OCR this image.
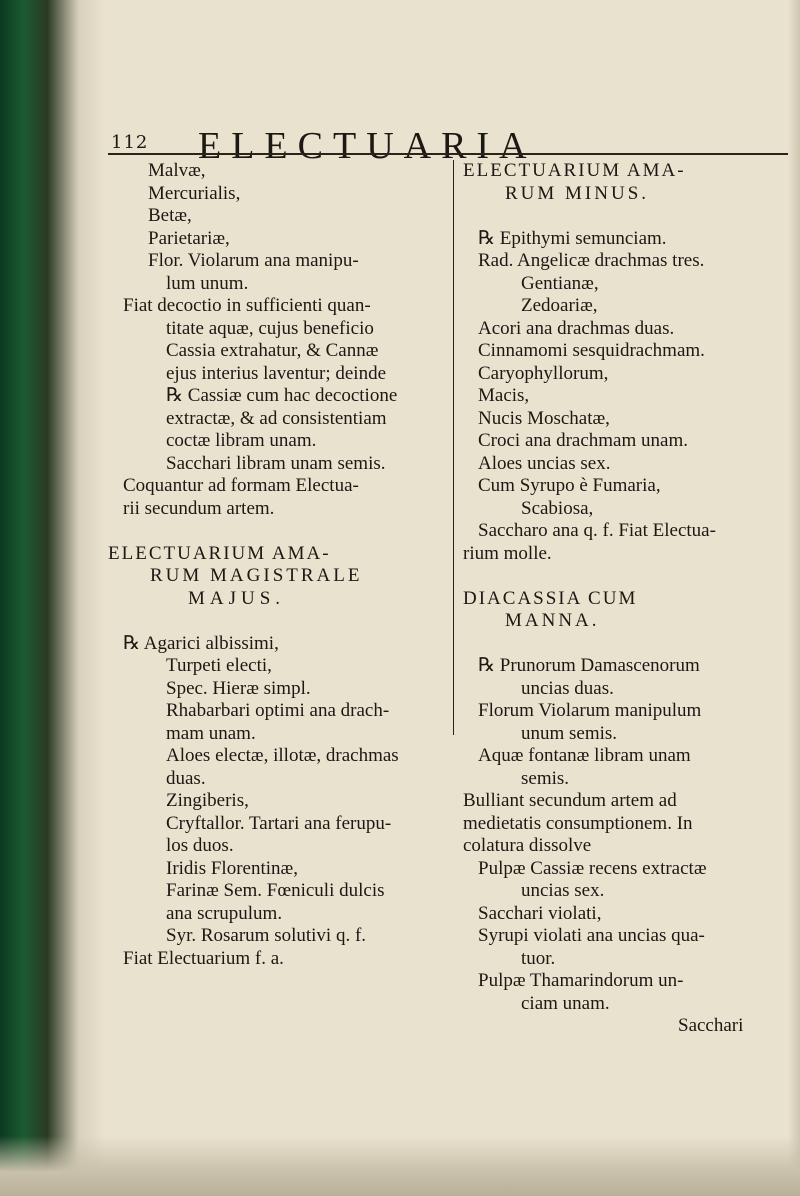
112 ELECTUARIA
Malvæ,
Mercurialis,
Betæ,
Parietariæ,
Flor. Violarum ana manipu-
lum unum.
Fiat decoctio in sufficienti quan-
titate aquæ, cujus beneficio
Cassia extrahatur, & Cannæ
ejus interius laventur; deinde
℞ Cassiæ cum hac decoctione
extractæ, & ad consistentiam
coctæ libram unam.
Sacchari libram unam semis.
Coquantur ad formam Electua-
rii secundum artem.
ELECTUARIUM AMA-
RUM MAGISTRALE
MAJUS.
℞ Agarici albissimi,
Turpeti electi,
Spec. Hieræ simpl.
Rhabarbari optimi ana drach-
mam unam.
Aloes electæ, illotæ, drachmas
duas.
Zingiberis,
Cryftallor. Tartari ana ferupu-
los duos.
Iridis Florentinæ,
Farinæ Sem. Fœniculi dulcis
ana scrupulum.
Syr. Rosarum solutivi q. f.
Fiat Electuarium f. a.
ELECTUARIUM AMA-
RUM MINUS.
℞ Epithymi semunciam.
Rad. Angelicæ drachmas tres.
Gentianæ,
Zedoariæ,
Acori ana drachmas duas.
Cinnamomi sesquidrachmam.
Caryophyllorum,
Macis,
Nucis Moschatæ,
Croci ana drachmam unam.
Aloes uncias sex.
Cum Syrupo è Fumaria,
Scabiosa,
Saccharo ana q. f. Fiat Electua-
rium molle.
DIACASSIA CUM
MANNA.
℞ Prunorum Damascenorum
uncias duas.
Florum Violarum manipulum
unum semis.
Aquæ fontanæ libram unam
semis.
Bulliant secundum artem ad
medietatis consumptionem. In
colatura dissolve
Pulpæ Cassiæ recens extractæ
uncias sex.
Sacchari violati,
Syrupi violati ana uncias qua-
tuor.
Pulpæ Thamarindorum un-
ciam unam.
Sacchari
